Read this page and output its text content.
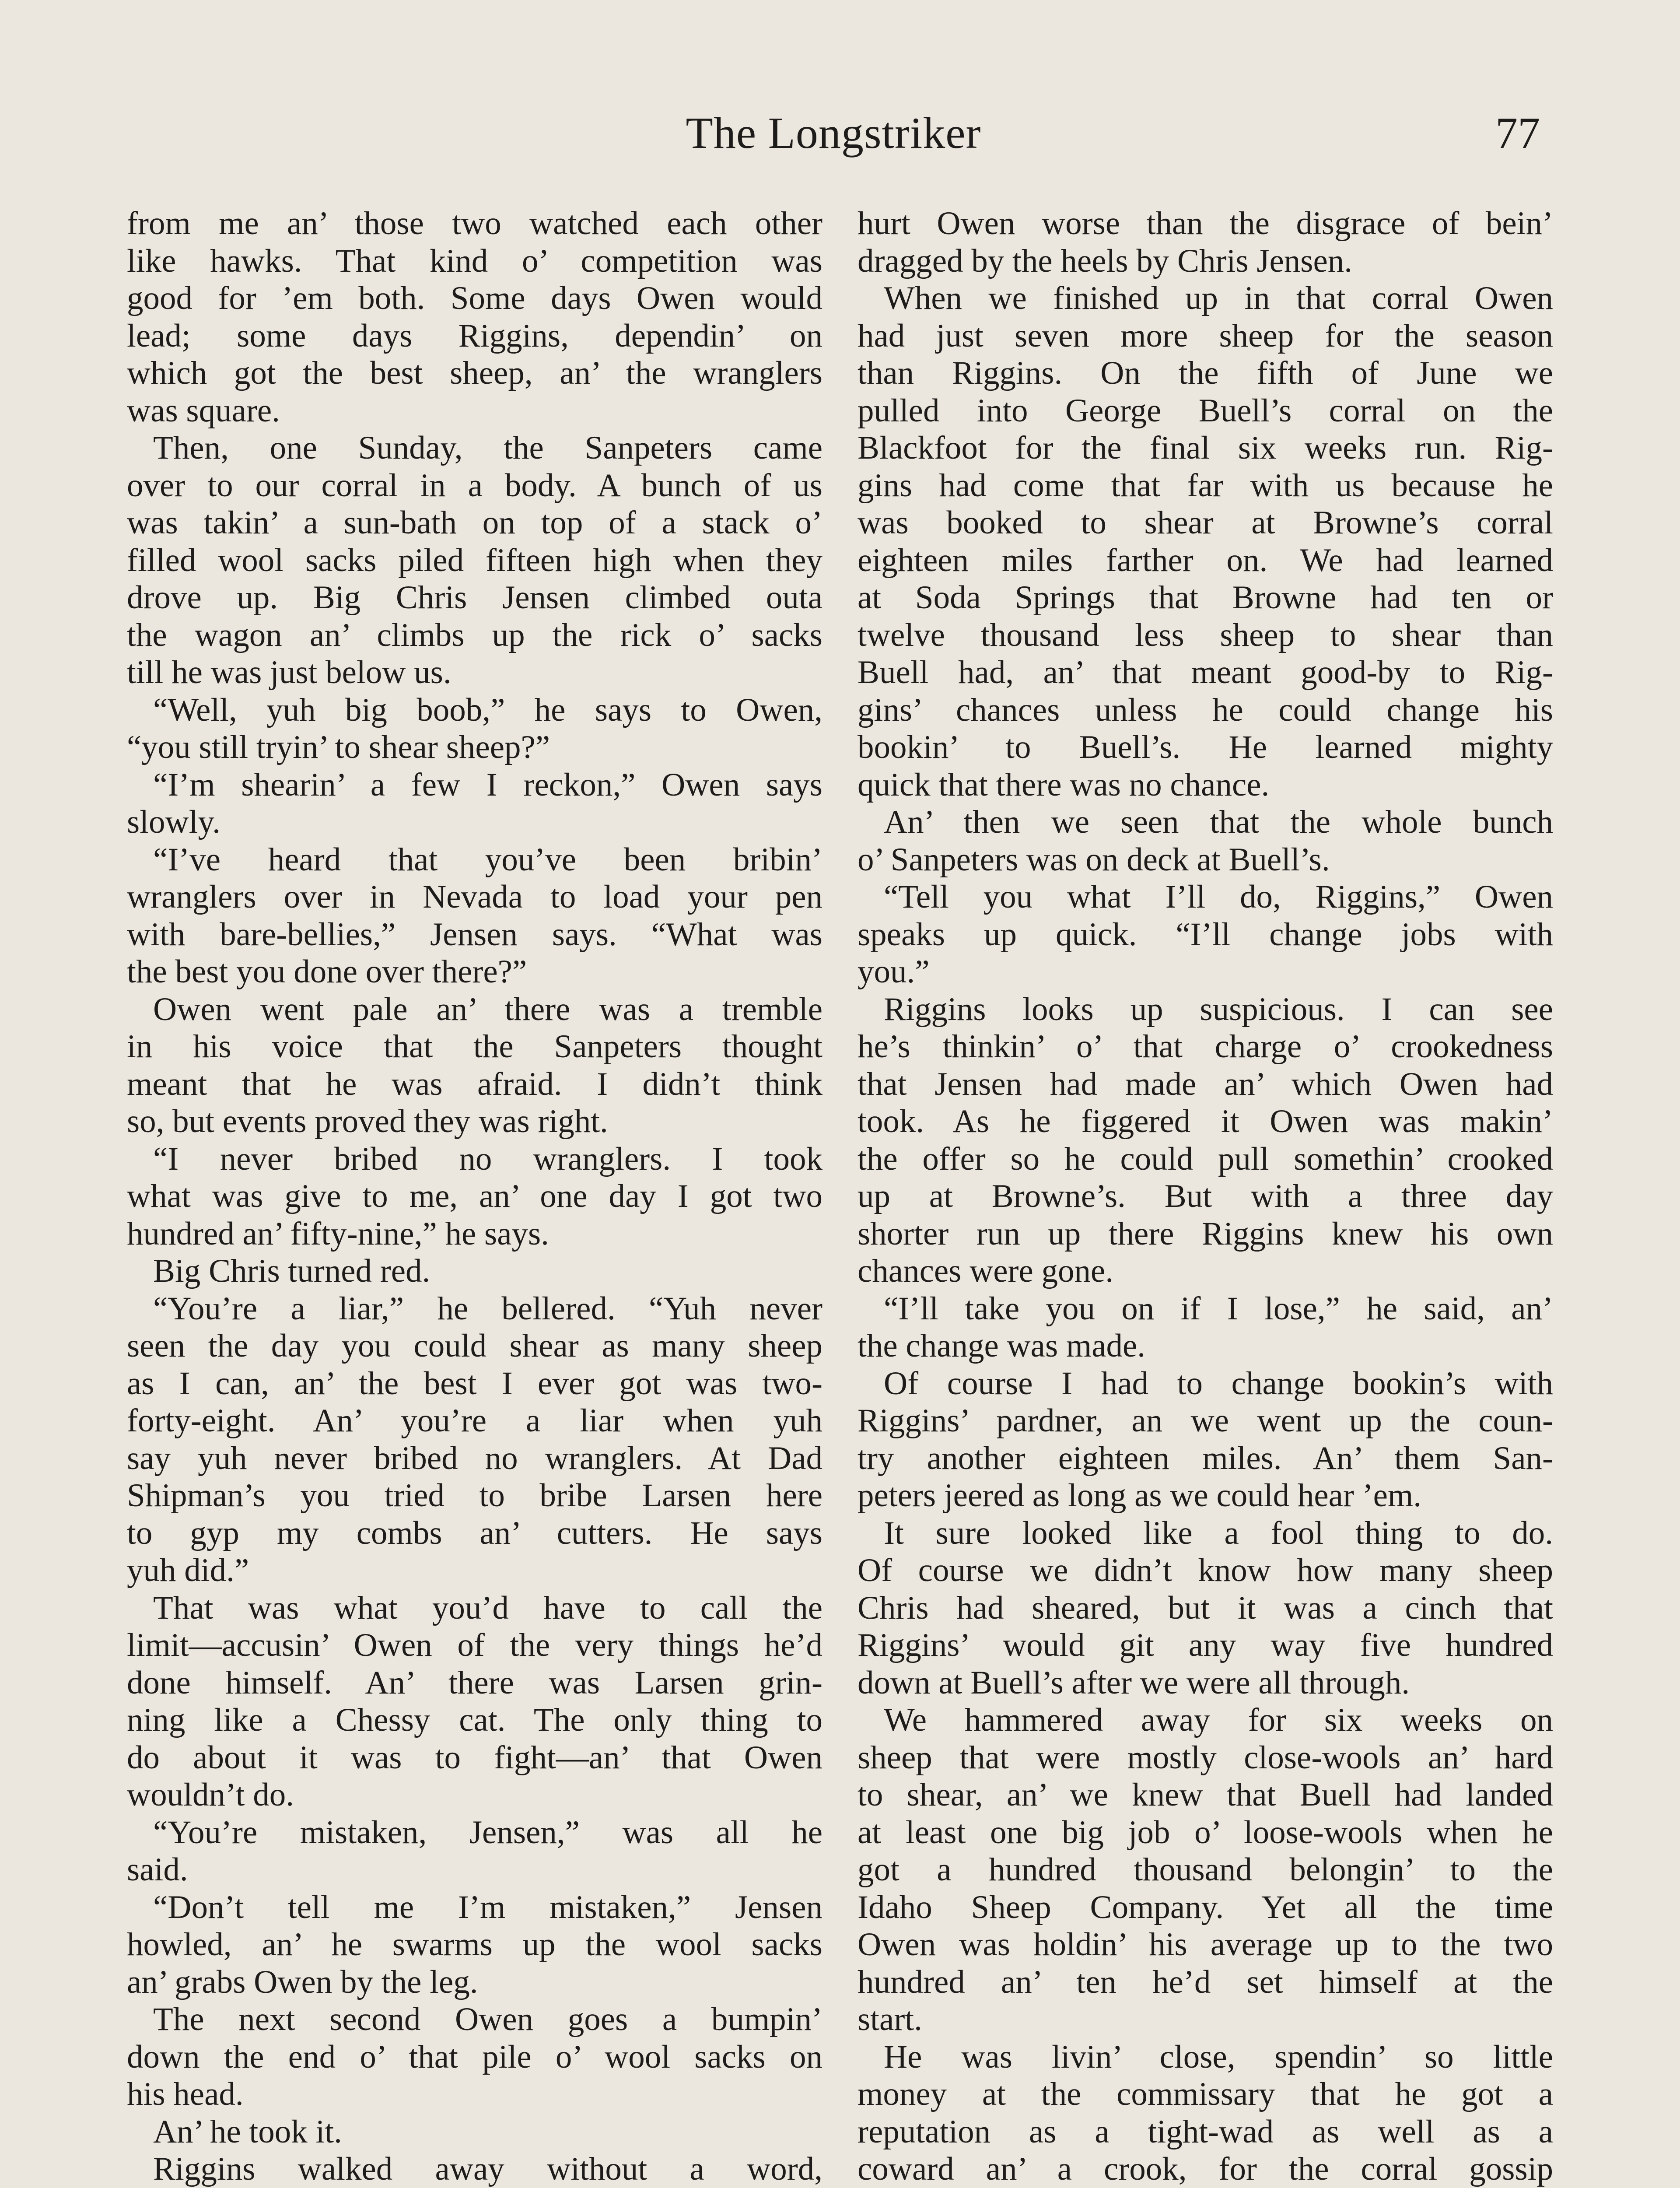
The Longstriker	77
from me an’ those two watched each other
like hawks. That kind o’ competition was
good for ’em both. Some days Owen would
lead; some days Riggins, dependin’ on
which got the best sheep, an’ the wranglers
was square.
Then, one Sunday, the Sanpeters came
over to our corral in a body. A bunch of us
was takin’ a sun-bath on top of a stack o’
filled wool sacks piled fifteen high when they
drove up. Big Chris Jensen climbed outa
the wagon an’ climbs up the rick o’ sacks
till he was just below us.
“Well, yuh big boob,” he says to Owen,
“you still tryin’ to shear sheep?”
“I’m shearin’ a few I reckon,” Owen says
slowly.
“I’ve heard that you’ve been bribin’
wranglers over in Nevada to load your pen
with bare-bellies,” Jensen says. “What was
the best you done over there?”
Owen went pale an’ there was a tremble
in his voice that the Sanpeters thought
meant that he was afraid. I didn’t think
so, but events proved they was right.
“I never bribed no wranglers. I took
what was give to me, an’ one day I got two
hundred an’ fifty-nine,” he says.
Big Chris turned red.
“You’re a liar,” he bellered. “Yuh never
seen the day you could shear as many sheep
as I can, an’ the best I ever got was two-
forty-eight. An’ you’re a liar when yuh
say yuh never bribed no wranglers. At Dad
Shipman’s you tried to bribe Larsen here
to gyp my combs an’ cutters. He says
yuh did.”
That was what you’d have to call the
limit—accusin’ Owen of the very things he’d
done himself. An’ there was Larsen grin-
ning like a Chessy cat. The only thing to
do about it was to fight—an’ that Owen
wouldn’t do.
“You’re mistaken, Jensen,” was all he
said.
“Don’t tell me I’m mistaken,” Jensen
howled, an’ he swarms up the wool sacks
an’ grabs Owen by the leg.
The next second Owen goes a bumpin’
down the end o’ that pile o’ wool sacks on
his head.
An’ he took it.
Riggins walked away without a word,
hurt Owen worse than the disgrace of bein’
dragged by the heels by Chris Jensen.
When we finished up in that corral Owen
had just seven more sheep for the season
than Riggins. On the fifth of June we
pulled into George Buell’s corral on the
Blackfoot for the final six weeks run. Rig-
gins had come that far with us because he
was booked to shear at Browne’s corral
eighteen miles farther on. We had learned
at Soda Springs that Browne had ten or
twelve thousand less sheep to shear than
Buell had, an’ that meant good-by to Rig-
gins’ chances unless he could change his
bookin’ to Buell’s. He learned mighty
quick that there was no chance.
An’ then we seen that the whole bunch
o’ Sanpeters was on deck at Buell’s.
“Tell you what I’ll do, Riggins,” Owen
speaks up quick. “I’ll change jobs with
you.”
Riggins looks up suspicious. I can see
he’s thinkin’ o’ that charge o’ crookedness
that Jensen had made an’ which Owen had
took. As he figgered it Owen was makin’
the offer so he could pull somethin’ crooked
up at Browne’s. But with a three day
shorter run up there Riggins knew his own
chances were gone.
“I’ll take you on if I lose,” he said, an’
the change was made.
Of course I had to change bookin’s with
Riggins’ pardner, an we went up the coun-
try another eighteen miles. An’ them San-
peters jeered as long as we could hear ’em.
It sure looked like a fool thing to do.
Of course we didn’t know how many sheep
Chris had sheared, but it was a cinch that
Riggins’ would git any way five hundred
down at Buell’s after we were all through.
We hammered away for six weeks on
sheep that were mostly close-wools an’ hard
to shear, an’ we knew that Buell had landed
at least one big job o’ loose-wools when he
got a hundred thousand belongin’ to the
Idaho Sheep Company. Yet all the time
Owen was holdin’ his average up to the two
hundred an’ ten he’d set himself at the
start.
He was livin’ close, spendin’ so little
money at the commissary that he got a
reputation as a tight-wad as well as a
coward an’ a crook, for the corral gossip
